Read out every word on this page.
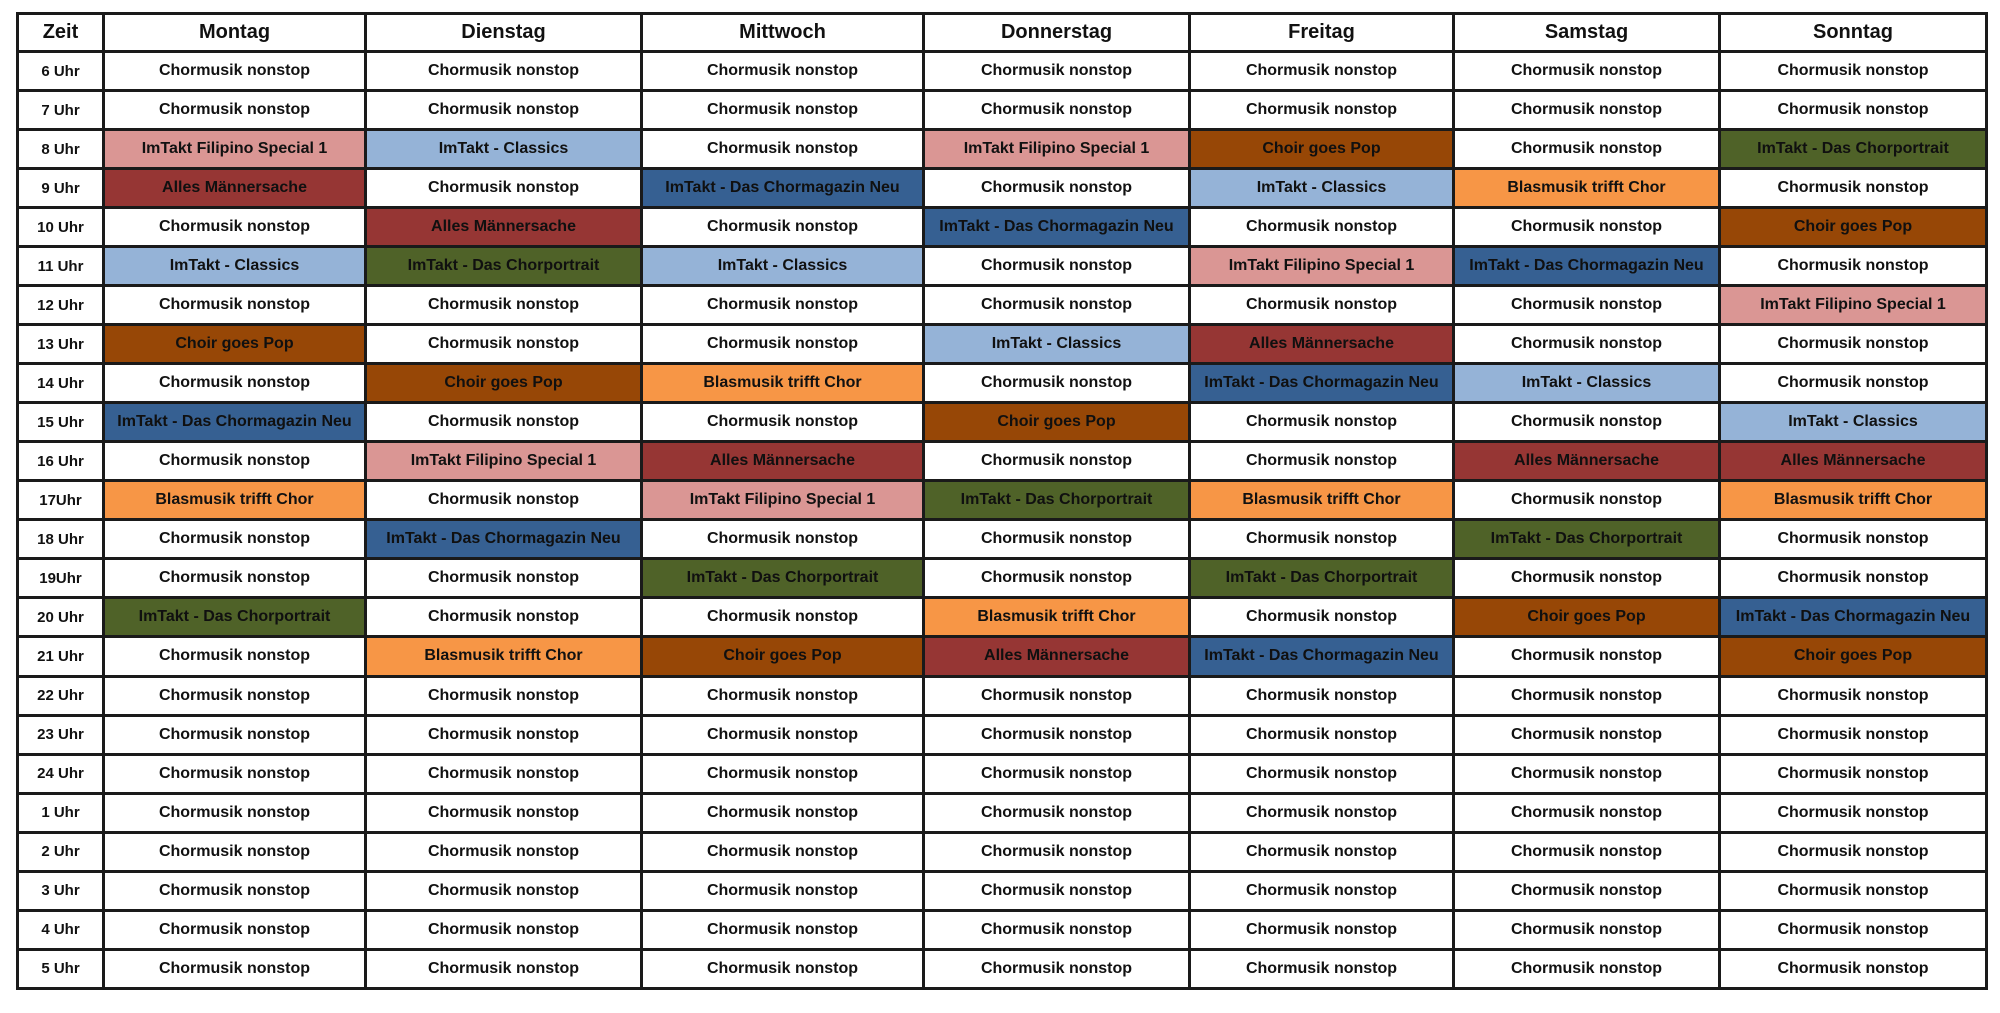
Zeit	Montag	Dienstag	Mittwoch	Donnerstag	Freitag	Samstag	Sonntag
6 Uhr	Chormusik nonstop	Chormusik nonstop	Chormusik nonstop	Chormusik nonstop	Chormusik nonstop	Chormusik nonstop	Chormusik nonstop
7 Uhr	Chormusik nonstop	Chormusik nonstop	Chormusik nonstop	Chormusik nonstop	Chormusik nonstop	Chormusik nonstop	Chormusik nonstop
8 Uhr	ImTakt Filipino Special 1	ImTakt - Classics	Chormusik nonstop	ImTakt Filipino Special 1	Choir goes Pop	Chormusik nonstop	ImTakt - Das Chorportrait
9 Uhr	Alles Männersache	Chormusik nonstop	ImTakt - Das Chormagazin Neu	Chormusik nonstop	ImTakt - Classics	Blasmusik trifft Chor	Chormusik nonstop
10 Uhr	Chormusik nonstop	Alles Männersache	Chormusik nonstop	ImTakt - Das Chormagazin Neu	Chormusik nonstop	Chormusik nonstop	Choir goes Pop
11 Uhr	ImTakt - Classics	ImTakt - Das Chorportrait	ImTakt - Classics	Chormusik nonstop	ImTakt Filipino Special 1	ImTakt - Das Chormagazin Neu	Chormusik nonstop
12 Uhr	Chormusik nonstop	Chormusik nonstop	Chormusik nonstop	Chormusik nonstop	Chormusik nonstop	Chormusik nonstop	ImTakt Filipino Special 1
13 Uhr	Choir goes Pop	Chormusik nonstop	Chormusik nonstop	ImTakt - Classics	Alles Männersache	Chormusik nonstop	Chormusik nonstop
14 Uhr	Chormusik nonstop	Choir goes Pop	Blasmusik trifft Chor	Chormusik nonstop	ImTakt - Das Chormagazin Neu	ImTakt - Classics	Chormusik nonstop
15 Uhr	ImTakt - Das Chormagazin Neu	Chormusik nonstop	Chormusik nonstop	Choir goes Pop	Chormusik nonstop	Chormusik nonstop	ImTakt - Classics
16 Uhr	Chormusik nonstop	ImTakt Filipino Special 1	Alles Männersache	Chormusik nonstop	Chormusik nonstop	Alles Männersache	Alles Männersache
17Uhr	Blasmusik trifft Chor	Chormusik nonstop	ImTakt Filipino Special 1	ImTakt - Das Chorportrait	Blasmusik trifft Chor	Chormusik nonstop	Blasmusik trifft Chor
18 Uhr	Chormusik nonstop	ImTakt - Das Chormagazin Neu	Chormusik nonstop	Chormusik nonstop	Chormusik nonstop	ImTakt - Das Chorportrait	Chormusik nonstop
19Uhr	Chormusik nonstop	Chormusik nonstop	ImTakt - Das Chorportrait	Chormusik nonstop	ImTakt - Das Chorportrait	Chormusik nonstop	Chormusik nonstop
20 Uhr	ImTakt - Das Chorportrait	Chormusik nonstop	Chormusik nonstop	Blasmusik trifft Chor	Chormusik nonstop	Choir goes Pop	ImTakt - Das Chormagazin Neu
21 Uhr	Chormusik nonstop	Blasmusik trifft Chor	Choir goes Pop	Alles Männersache	ImTakt - Das Chormagazin Neu	Chormusik nonstop	Choir goes Pop
22 Uhr	Chormusik nonstop	Chormusik nonstop	Chormusik nonstop	Chormusik nonstop	Chormusik nonstop	Chormusik nonstop	Chormusik nonstop
23 Uhr	Chormusik nonstop	Chormusik nonstop	Chormusik nonstop	Chormusik nonstop	Chormusik nonstop	Chormusik nonstop	Chormusik nonstop
24 Uhr	Chormusik nonstop	Chormusik nonstop	Chormusik nonstop	Chormusik nonstop	Chormusik nonstop	Chormusik nonstop	Chormusik nonstop
1 Uhr	Chormusik nonstop	Chormusik nonstop	Chormusik nonstop	Chormusik nonstop	Chormusik nonstop	Chormusik nonstop	Chormusik nonstop
2 Uhr	Chormusik nonstop	Chormusik nonstop	Chormusik nonstop	Chormusik nonstop	Chormusik nonstop	Chormusik nonstop	Chormusik nonstop
3 Uhr	Chormusik nonstop	Chormusik nonstop	Chormusik nonstop	Chormusik nonstop	Chormusik nonstop	Chormusik nonstop	Chormusik nonstop
4 Uhr	Chormusik nonstop	Chormusik nonstop	Chormusik nonstop	Chormusik nonstop	Chormusik nonstop	Chormusik nonstop	Chormusik nonstop
5 Uhr	Chormusik nonstop	Chormusik nonstop	Chormusik nonstop	Chormusik nonstop	Chormusik nonstop	Chormusik nonstop	Chormusik nonstop
